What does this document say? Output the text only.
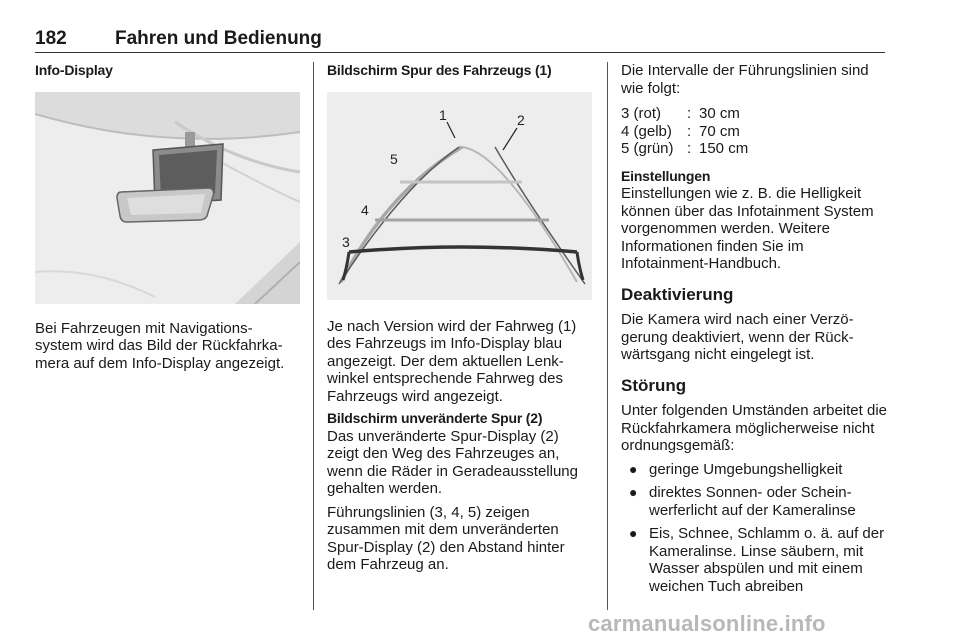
182	Fahren und Bedienung
Info-Display

Bei Fahrzeugen mit Navigations-system wird das Bild der Rückfahrka-mera auf dem Info-Display angezeigt.

Bildschirm Spur des Fahrzeugs (1)
1	2
3
4
5

Je nach Version wird der Fahrweg (1) des Fahrzeugs im Info-Display blau angezeigt. Der dem aktuellen Lenk-winkel entsprechende Fahrweg des Fahrzeugs wird angezeigt.

Bildschirm unveränderte Spur (2)

Das unveränderte Spur-Display (2) zeigt den Weg des Fahrzeuges an, wenn die Räder in Geradeausstellung gehalten werden.

Führungslinien (3, 4, 5) zeigen zusammen mit dem unveränderten Spur-Display (2) den Abstand hinter dem Fahrzeug an.

Die Intervalle der Führungslinien sind wie folgt:

3 (rot)	: 30 cm
4 (gelb)	: 70 cm
5 (grün) : 150 cm
Einstellungen

Einstellungen wie z. B. die Helligkeit können über das Infotainment System vorgenommen werden. Weitere Informationen finden Sie im Infotainment-Handbuch.

Deaktivierung

Die Kamera wird nach einer Verzö-gerung deaktiviert, wenn der Rück-wärtsgang nicht eingelegt ist.

Störung

Unter folgenden Umständen arbeitet die Rückfahrkamera möglicherweise nicht ordnungsgemäß:

● geringe Umgebungshelligkeit
● direktes Sonnen- oder Schein-werferlicht auf der Kameralinse
● Eis, Schnee, Schlamm o. ä. auf der Kameralinse. Linse säubern, mit Wasser abspülen und mit einem weichen Tuch abreiben
carmanualsonline.info
